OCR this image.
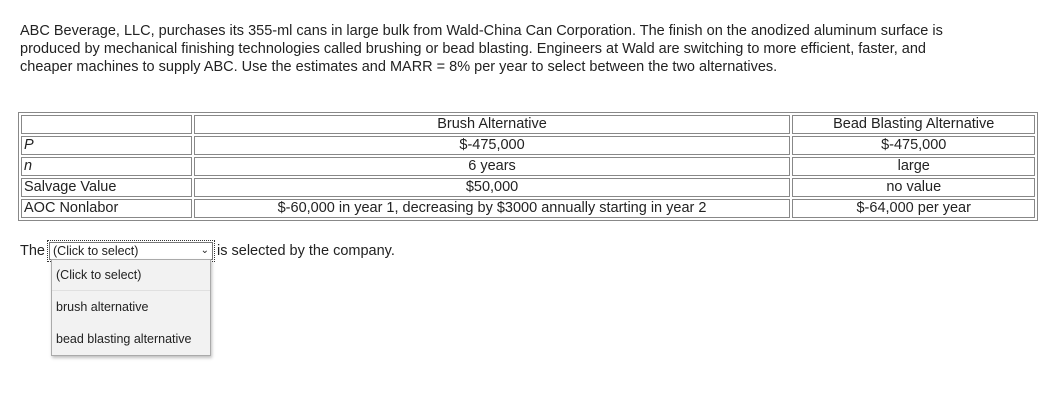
ABC Beverage, LLC, purchases its 355-ml cans in large bulk from Wald-China Can Corporation. The finish on the anodized aluminum surface is produced by mechanical finishing technologies called brushing or bead blasting. Engineers at Wald are switching to more efficient, faster, and cheaper machines to supply ABC. Use the estimates and MARR = 8% per year to select between the two alternatives.
	Brush Alternative	Bead Blasting Alternative
P	$-475,000	$-475,000
n	6 years	large
Salvage Value	$50,000	no value
AOC Nonlabor	$-60,000 in year 1, decreasing by $3000 annually starting in year 2	$-64,000 per year
The (Click to select)	⌄ is selected by the company.
(Click to select)
brush alternative
bead blasting alternative
